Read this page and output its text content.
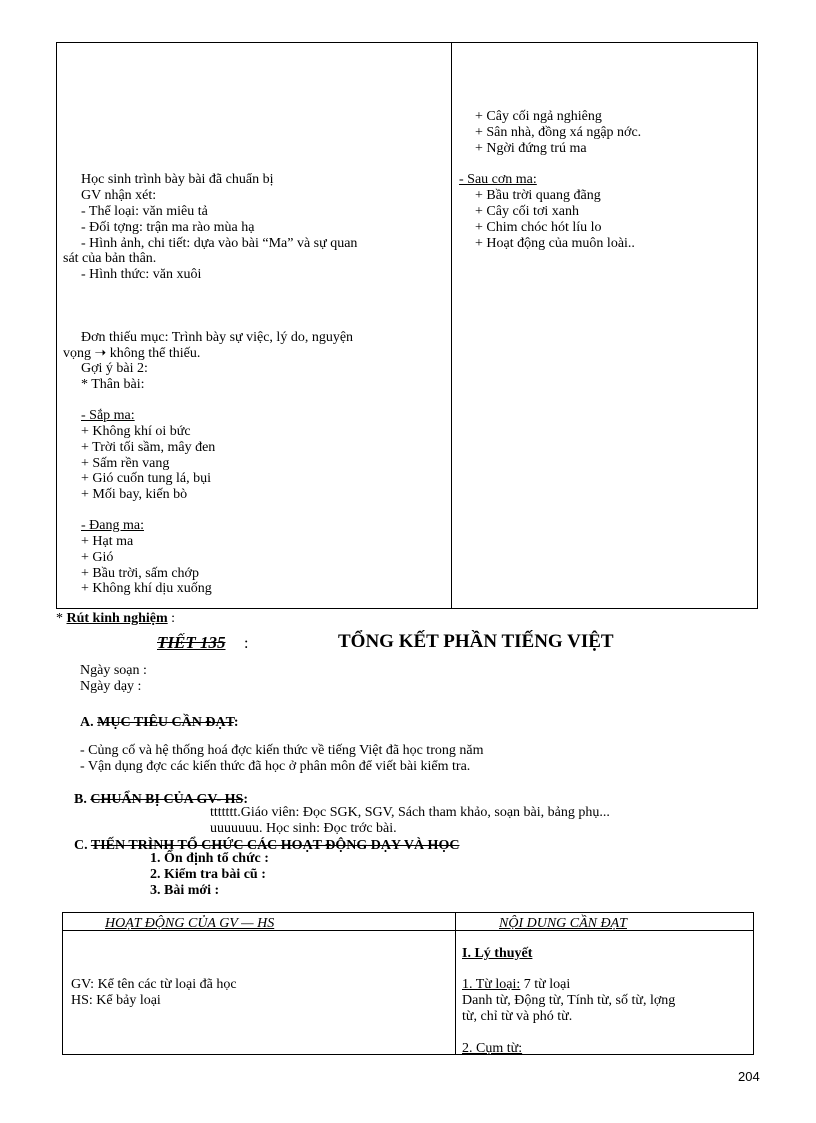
Học sinh trình bày bài đã chuẩn bị
GV nhận xét:
- Thể loại: văn miêu tả
- Đối tợng: trận ma rào mùa hạ
- Hình ảnh, chi tiết: dựa vào bài “Ma” và sự quan
sát của bản thân.
- Hình thức: văn xuôi
Đơn thiếu mục: Trình bày sự việc, lý do, nguyện
vọng ➝ không thể thiếu.
Gợi ý bài 2:
* Thân bài:
- Sắp ma:
+ Không khí oi bức
+ Trời tối sầm, mây đen
+ Sấm rền vang
+ Gió cuốn tung lá, bụi
+ Mối bay, kiến bò
- Đang ma:
+ Hạt ma
+ Gió
+ Bầu trời, sấm chớp
+ Không khí dịu xuống
+ Cây cối ngả nghiêng
+ Sân nhà, đồng xá ngập nớc.
+ Ngời đứng trú ma
- Sau cơn ma:
+ Bầu trời quang đãng
+ Cây cối tơi xanh
+ Chim chóc hót líu lo
+ Hoạt động của muôn loài..
* Rút kinh nghiệm :
TIẾT 135 :	TỔNG KẾT PHẦN TIẾNG VIỆT
Ngày soạn :
Ngày dạy :
A. MỤC TIÊU CẦN ĐẠT:
- Củng cố và hệ thống hoá đợc kiến thức về tiếng Việt đã học trong năm
- Vận dụng đợc các kiến thức đã học ở phân môn để viết bài kiểm tra.
B. CHUẨN BỊ CỦA GV- HS:
ttttttt.Giáo viên: Đọc SGK, SGV, Sách tham khảo, soạn bài, bảng phụ...
uuuuuuu. Học sinh: Đọc trớc bài.
C. TIẾN TRÌNH TỔ CHỨC CÁC HOẠT ĐỘNG DẠY VÀ HỌC
1. Ổn định tổ chức :
2. Kiểm tra bài cũ :
3. Bài mới :
HOẠT ĐỘNG CỦA GV — HS	NỘI DUNG CẦN ĐẠT
GV: Kể tên các từ loại đã học
HS: Kể bảy loại
I. Lý thuyết
1. Từ loại: 7 từ loại
Danh từ, Động từ, Tính từ, số từ, lợng
từ, chỉ từ và phó từ.
2. Cụm từ:
204
